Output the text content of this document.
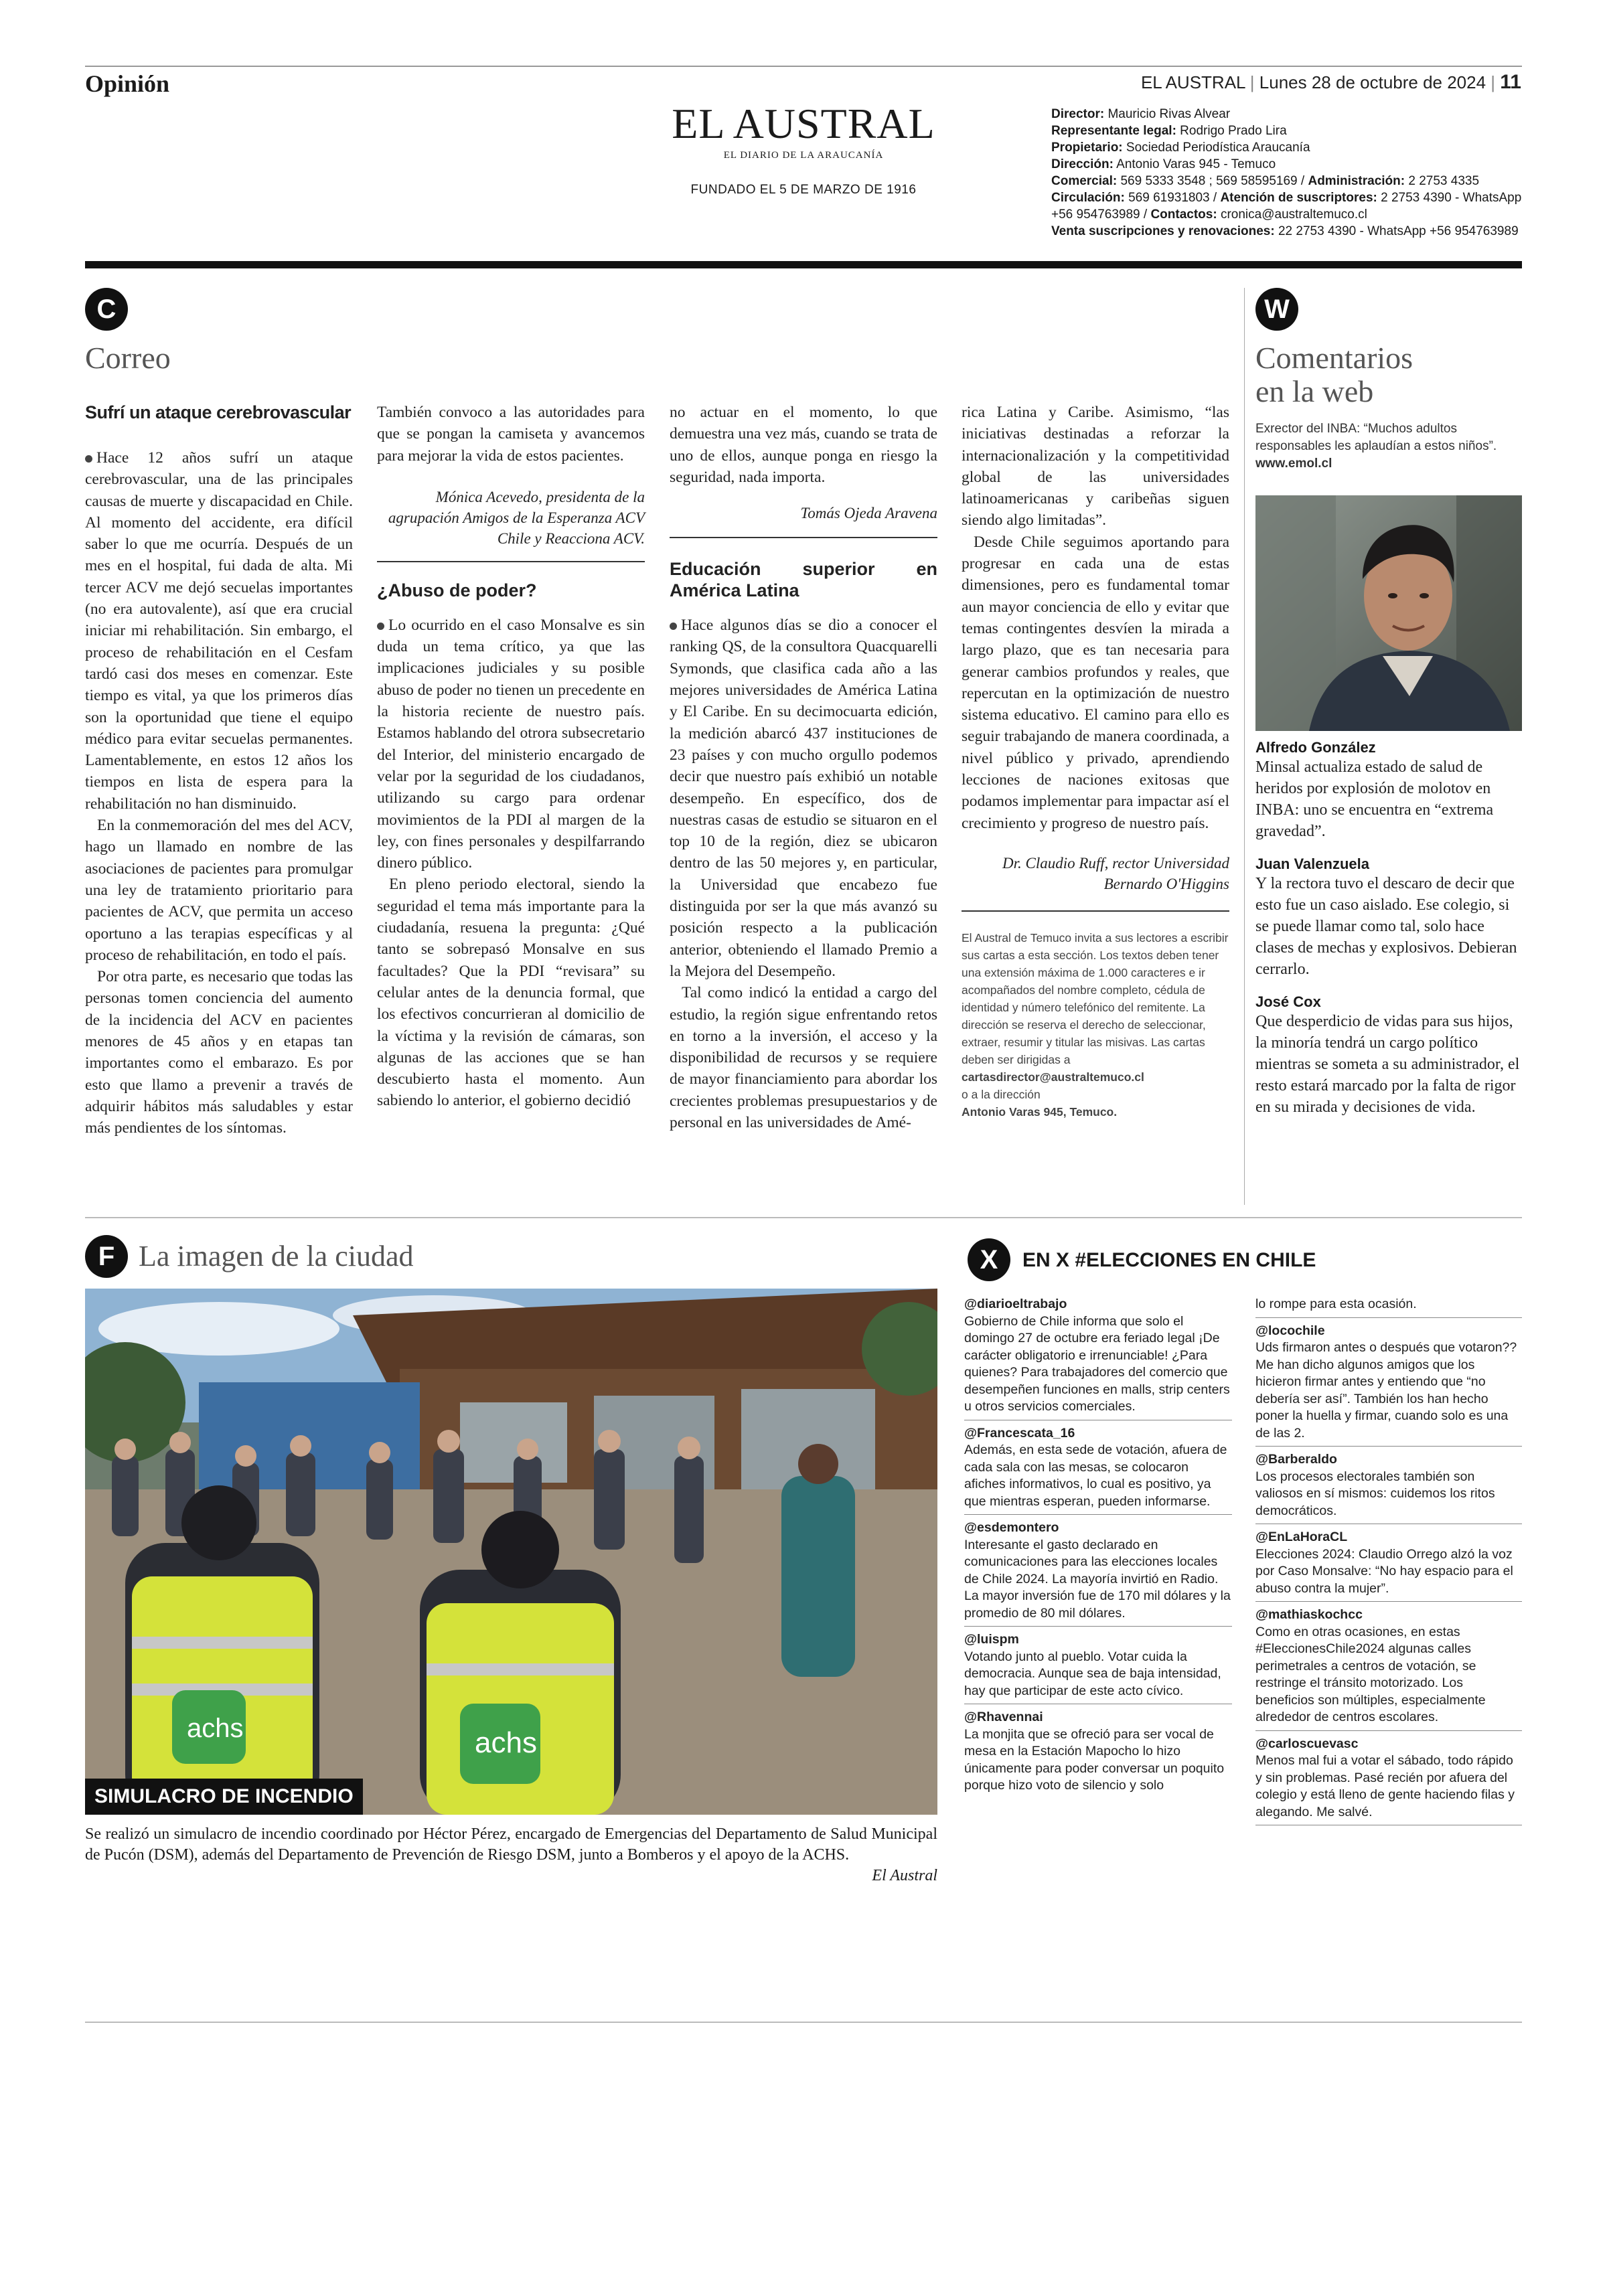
Opinión	EL AUSTRAL | Lunes 28 de octubre de 2024 | 11
EL AUSTRAL
EL DIARIO DE LA ARAUCANÍA
FUNDADO EL 5 DE MARZO DE 1916
Director: Mauricio Rivas Alvear
Representante legal: Rodrigo Prado Lira
Propietario: Sociedad Periodística Araucanía
Dirección: Antonio Varas 945 - Temuco
Comercial: 569 5333 3548 ; 569 58595169 / Administración: 2 2753 4335
Circulación: 569 61931803 / Atención de suscriptores: 2 2753 4390 - WhatsApp +56 954763989 / Contactos: cronica@australtemuco.cl
Venta suscripciones y renovaciones: 22 2753 4390 - WhatsApp +56 954763989
C
Correo
Sufrí un ataque cerebrovascular

Hace 12 años sufrí un ataque cerebrovascular, una de las principales causas de muerte y discapacidad en Chile. Al momento del accidente, era difícil saber lo que me ocurría. Después de un mes en el hospital, fui dada de alta. Mi tercer ACV me dejó secuelas importantes (no era autovalente), así que era crucial iniciar mi rehabilitación. Sin embargo, el proceso de rehabilitación en el Cesfam tardó casi dos meses en comenzar. Este tiempo es vital, ya que los primeros días son la oportunidad que tiene el equipo médico para evitar secuelas permanentes. Lamentablemente, en estos 12 años los tiempos en lista de espera para la rehabilitación no han disminuido.

En la conmemoración del mes del ACV, hago un llamado en nombre de las asociaciones de pacientes para promulgar una ley de tratamiento prioritario para pacientes de ACV, que permita un acceso oportuno a las terapias específicas y al proceso de rehabilitación, en todo el país.

Por otra parte, es necesario que todas las personas tomen conciencia del aumento de la incidencia del ACV en pacientes menores de 45 años y en etapas tan importantes como el embarazo. Es por esto que llamo a prevenir a través de adquirir hábitos más saludables y estar más pendientes de los síntomas.

También convoco a las autoridades para que se pongan la camiseta y avancemos para mejorar la vida de estos pacientes.

Mónica Acevedo, presidenta de la agrupación Amigos de la Esperanza ACV Chile y Reacciona ACV.
¿Abuso de poder?

Lo ocurrido en el caso Monsalve es sin duda un tema crítico, ya que las implicaciones judiciales y su posible abuso de poder no tienen un precedente en la historia reciente de nuestro país. Estamos hablando del otrora subsecretario del Interior, del ministerio encargado de velar por la seguridad de los ciudadanos, utilizando su cargo para ordenar movimientos de la PDI al margen de la ley, con fines personales y despilfarrando dinero público.

En pleno periodo electoral, siendo la seguridad el tema más importante para la ciudadanía, resuena la pregunta: ¿Qué tanto se sobrepasó Monsalve en sus facultades? Que la PDI “revisara” su celular antes de la denuncia formal, que los efectivos concurrieran al domicilio de la víctima y la revisión de cámaras, son algunas de las acciones que se han descubierto hasta el momento. Aun sabiendo lo anterior, el gobierno decidió

no actuar en el momento, lo que demuestra una vez más, cuando se trata de uno de ellos, aunque ponga en riesgo la seguridad, nada importa.

Tomás Ojeda Aravena
Educación superior en América Latina

Hace algunos días se dio a conocer el ranking QS, de la consultora Quacquarelli Symonds, que clasifica cada año a las mejores universidades de América Latina y El Caribe. En su decimocuarta edición, la medición abarcó 437 instituciones de 23 países y con mucho orgullo podemos decir que nuestro país exhibió un notable desempeño. En específico, dos de nuestras casas de estudio se situaron en el top 10 de la región, diez se ubicaron dentro de las 50 mejores y, en particular, la Universidad que encabezo fue distinguida por ser la que más avanzó su posición respecto a la publicación anterior, obteniendo el llamado Premio a la Mejora del Desempeño.

Tal como indicó la entidad a cargo del estudio, la región sigue enfrentando retos en torno a la inversión, el acceso y la disponibilidad de recursos y se requiere de mayor financiamiento para abordar los crecientes problemas presupuestarios y de personal en las universidades de Amé-

rica Latina y Caribe. Asimismo, “las iniciativas destinadas a reforzar la internacionalización y la competitividad global de las universidades latinoamericanas y caribeñas siguen siendo algo limitadas”.

Desde Chile seguimos aportando para progresar en cada una de estas dimensiones, pero es fundamental tomar aun mayor conciencia de ello y evitar que temas contingentes desvíen la mirada a largo plazo, que es tan necesaria para generar cambios profundos y reales, que repercutan en la optimización de nuestro sistema educativo. El camino para ello es seguir trabajando de manera coordinada, a nivel público y privado, aprendiendo lecciones de naciones exitosas que podamos implementar para impactar así el crecimiento y progreso de nuestro país.

Dr. Claudio Ruff, rector Universidad Bernardo O'Higgins
El Austral de Temuco invita a sus lectores a escribir sus cartas a esta sección. Los textos deben tener una extensión máxima de 1.000 caracteres e ir acompañados del nombre completo, cédula de identidad y número telefónico del remitente. La dirección se reserva el derecho de seleccionar, extraer, resumir y titular las misivas. Las cartas deben ser dirigidas a
cartasdirector@australtemuco.cl
o a la dirección
Antonio Varas 945, Temuco.
W
Comentarios
en la web
Exrector del INBA: “Muchos adultos responsables les aplaudían a estos niños”.
www.emol.cl
Alfredo González
Minsal actualiza estado de salud de heridos por explosión de molotov en INBA: uno se encuentra en “extrema gravedad”.
Juan Valenzuela
Y la rectora tuvo el descaro de decir que esto fue un caso aislado. Ese colegio, si se puede llamar como tal, solo hace clases de mechas y explosivos. Debieran cerrarlo.
José Cox
Que desperdicio de vidas para sus hijos, la minoría tendrá un cargo político mientras se someta a su administrador, el resto estará marcado por la falta de rigor en su mirada y decisiones de vida.
F La imagen de la ciudad
achs	achs
SIMULACRO DE INCENDIO
Se realizó un simulacro de incendio coordinado por Héctor Pérez, encargado de Emergencias del Departamento de Salud Municipal de Pucón (DSM), además del Departamento de Prevención de Riesgo DSM, junto a Bomberos y el apoyo de la ACHS.
El Austral
X	EN X #ELECCIONES EN CHILE
@diarioeltrabajo
Gobierno de Chile informa que solo el domingo 27 de octubre era feriado legal ¡De carácter obligatorio e irrenunciable! ¿Para quienes? Para trabajadores del comercio que desempeñen funciones en malls, strip centers u otros servicios comerciales.
@Francescata_16
Además, en esta sede de votación, afuera de cada sala con las mesas, se colocaron afiches informativos, lo cual es positivo, ya que mientras esperan, pueden informarse.
@esdemontero
Interesante el gasto declarado en comunicaciones para las elecciones locales de Chile 2024. La mayoría invirtió en Radio. La mayor inversión fue de 170 mil dólares y la promedio de 80 mil dólares.
@luispm
Votando junto al pueblo. Votar cuida la democracia. Aunque sea de baja intensidad, hay que participar de este acto cívico.
@Rhavennai
La monjita que se ofreció para ser vocal de mesa en la Estación Mapocho lo hizo únicamente para poder conversar un poquito porque hizo voto de silencio y solo
lo rompe para esta ocasión.
@locochile
Uds firmaron antes o después que votaron?? Me han dicho algunos amigos que los hicieron firmar antes y entiendo que “no debería ser así”. También los han hecho poner la huella y firmar, cuando solo es una de las 2.
@Barberaldo
Los procesos electorales también son valiosos en sí mismos: cuidemos los ritos democráticos.
@EnLaHoraCL
Elecciones 2024: Claudio Orrego alzó la voz por Caso Monsalve: “No hay espacio para el abuso contra la mujer”.
@mathiaskochcc
Como en otras ocasiones, en estas #EleccionesChile2024 algunas calles perimetrales a centros de votación, se restringe el tránsito motorizado. Los beneficios son múltiples, especialmente alrededor de centros escolares.
@carloscuevasc
Menos mal fui a votar el sábado, todo rápido y sin problemas. Pasé recién por afuera del colegio y está lleno de gente haciendo filas y alegando. Me salvé.
